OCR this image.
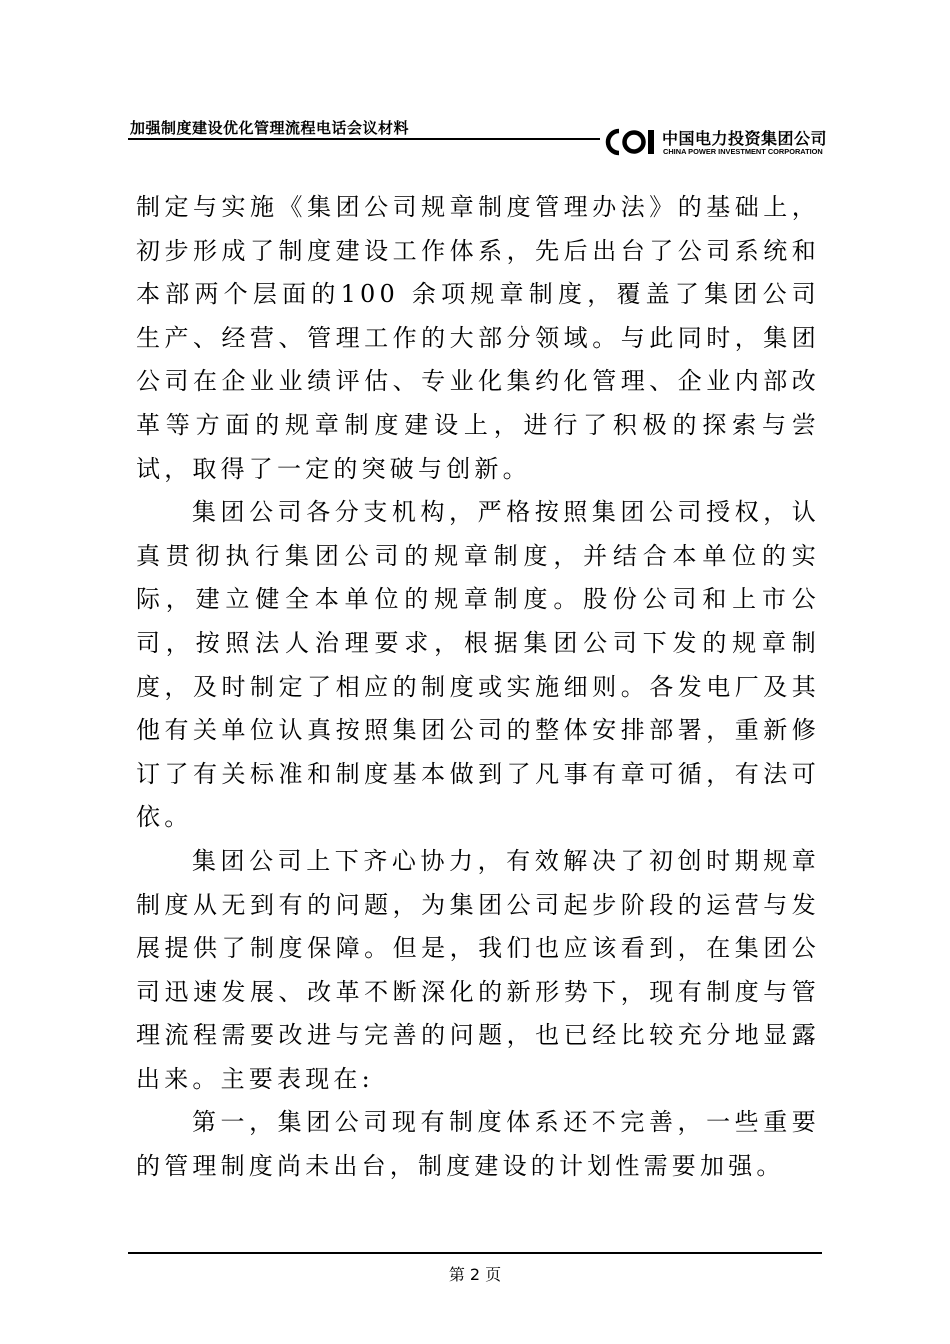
加强制度建设优化管理流程电话会议材料
中国电力投资集团公司
CHINA POWER INVESTMENT CORPORATION

制定与实施《集团公司规章制度管理办法》的基础上，初步形成了制度建设工作体系，先后出台了公司系统和本部两个层面的100 余项规章制度，覆盖了集团公司生产、经营、管理工作的大部分领域。与此同时，集团公司在企业业绩评估、专业化集约化管理、企业内部改革等方面的规章制度建设上，进行了积极的探索与尝试，取得了一定的突破与创新。

集团公司各分支机构，严格按照集团公司授权，认真贯彻执行集团公司的规章制度，并结合本单位的实际，建立健全本单位的规章制度。股份公司和上市公司，按照法人治理要求，根据集团公司下发的规章制度，及时制定了相应的制度或实施细则。各发电厂及其他有关单位认真按照集团公司的整体安排部署，重新修订了有关标准和制度基本做到了凡事有章可循，有法可依。

集团公司上下齐心协力，有效解决了初创时期规章制度从无到有的问题，为集团公司起步阶段的运营与发展提供了制度保障。但是，我们也应该看到，在集团公司迅速发展、改革不断深化的新形势下，现有制度与管理流程需要改进与完善的问题，也已经比较充分地显露出来。主要表现在:

第一，集团公司现有制度体系还不完善，一些重要的管理制度尚未出台，制度建设的计划性需要加强。

第 2 页
